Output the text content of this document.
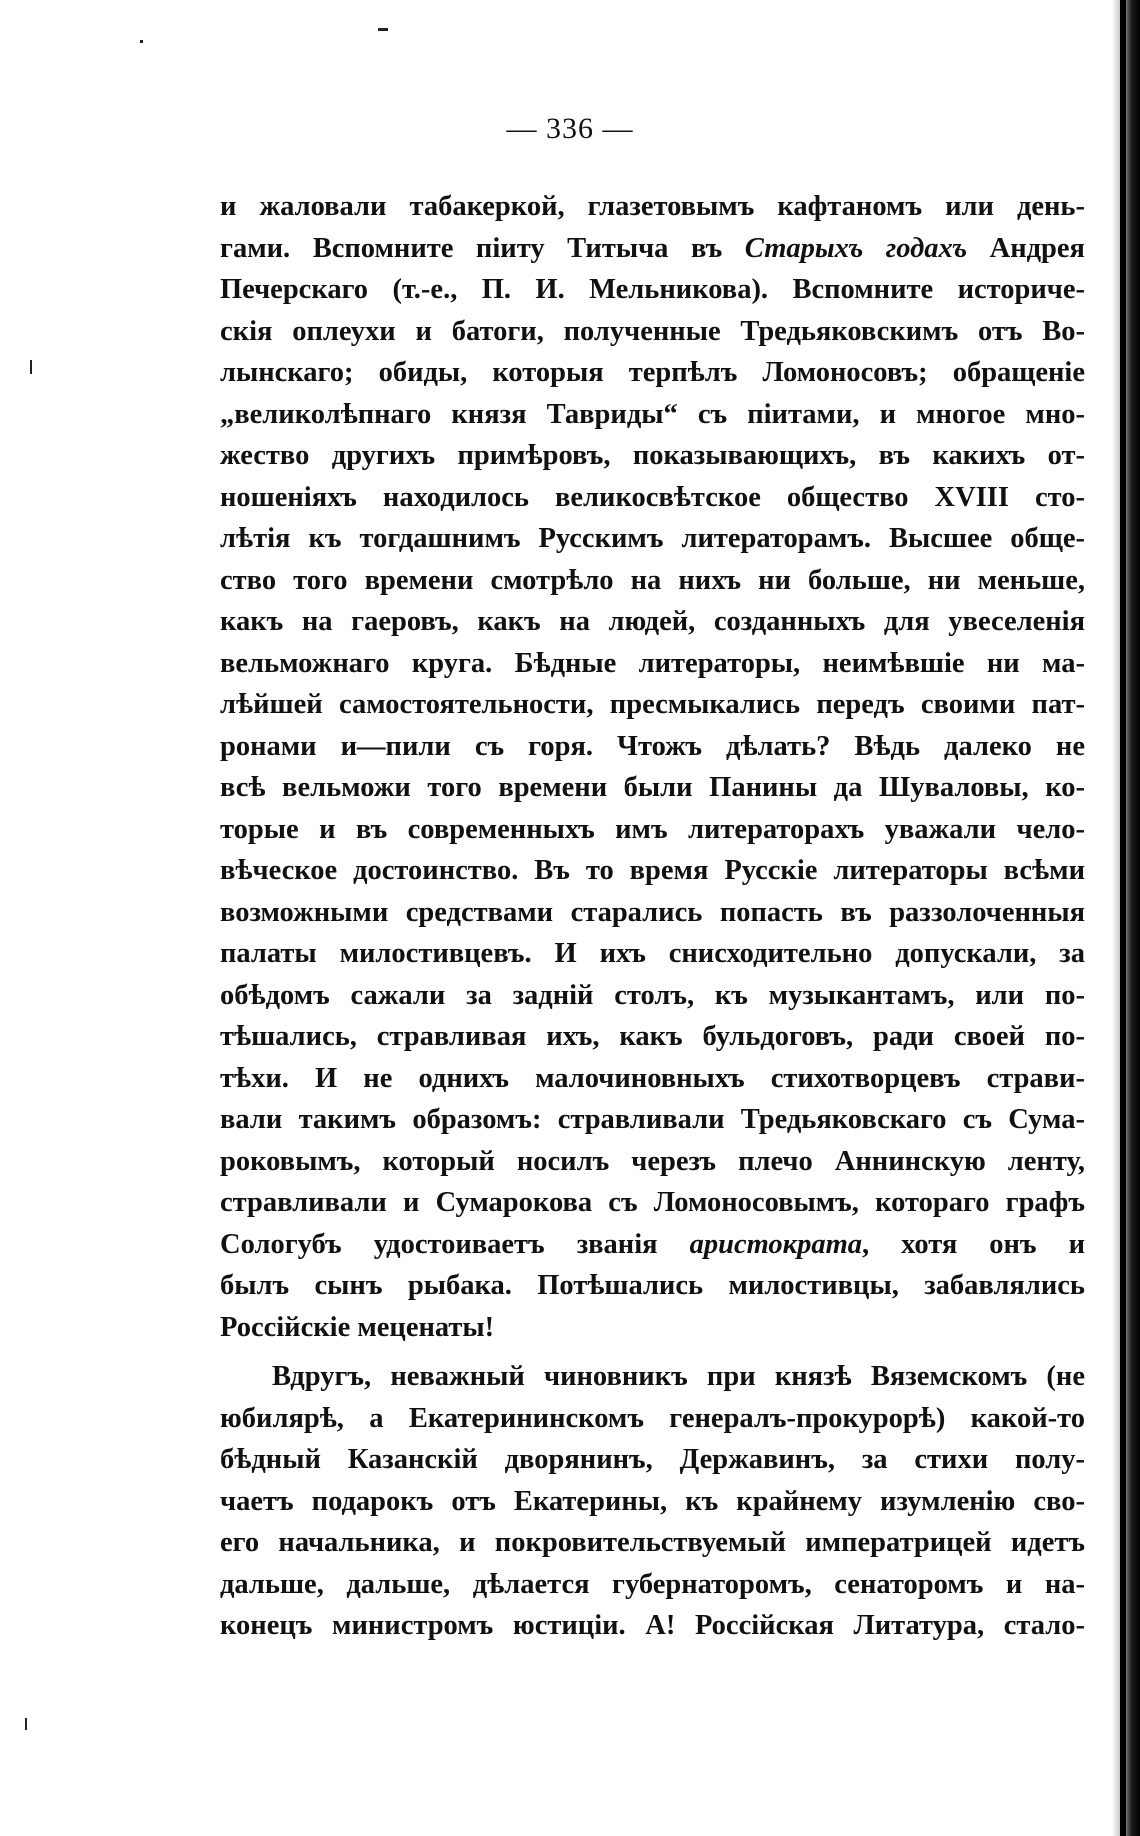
— 336 —
и жаловали табакеркой, глазетовымъ кафтаномъ или день-
гами. Вспомните піиту Титыча въ Старыхъ годахъ Андрея
Печерскаго (т.-е., П. И. Мельникова). Вспомните историче-
скія оплеухи и батоги, полученные Тредьяковскимъ отъ Во-
лынскаго; обиды, которыя терпѣлъ Ломоносовъ; обращеніе
„великолѣпнаго князя Тавриды“ съ піитами, и многое мно-
жество другихъ примѣровъ, показывающихъ, въ какихъ от-
ношеніяхъ находилось великосвѣтское общество XVIII сто-
лѣтія къ тогдашнимъ Русскимъ литераторамъ. Высшее обще-
ство того времени смотрѣло на нихъ ни больше, ни меньше,
какъ на гаеровъ, какъ на людей, созданныхъ для увеселенія
вельможнаго круга. Бѣдные литераторы, неимѣвшіе ни ма-
лѣйшей самостоятельности, пресмыкались передъ своими пат-
ронами и—пили съ горя. Чтожъ дѣлать? Вѣдь далеко не
всѣ вельможи того времени были Панины да Шуваловы, ко-
торые и въ современныхъ имъ литераторахъ уважали чело-
вѣческое достоинство. Въ то время Русскіе литераторы всѣми
возможными средствами старались попасть въ раззолоченныя
палаты милостивцевъ. И ихъ снисходительно допускали, за
обѣдомъ сажали за задній столъ, къ музыкантамъ, или по-
тѣшались, стравливая ихъ, какъ бульдоговъ, ради своей по-
тѣхи. И не однихъ малочиновныхъ стихотворцевъ страви-
вали такимъ образомъ: стравливали Тредьяковскаго съ Сума-
роковымъ, который носилъ черезъ плечо Аннинскую ленту,
стравливали и Сумарокова съ Ломоносовымъ, котораго графъ
Сологубъ удостоиваетъ званія аристократа, хотя онъ и
былъ сынъ рыбака. Потѣшались милостивцы, забавлялись
Россійскіе меценаты!
Вдругъ, неважный чиновникъ при князѣ Вяземскомъ (не
юбилярѣ, а Екатерининскомъ генералъ-прокурорѣ) какой-то
бѣдный Казанскій дворянинъ, Державинъ, за стихи полу-
чаетъ подарокъ отъ Екатерины, къ крайнему изумленію сво-
его начальника, и покровительствуемый императрицей идетъ
дальше, дальше, дѣлается губернаторомъ, сенаторомъ и на-
конецъ министромъ юстиціи. А! Россійская Литатура, стало-
